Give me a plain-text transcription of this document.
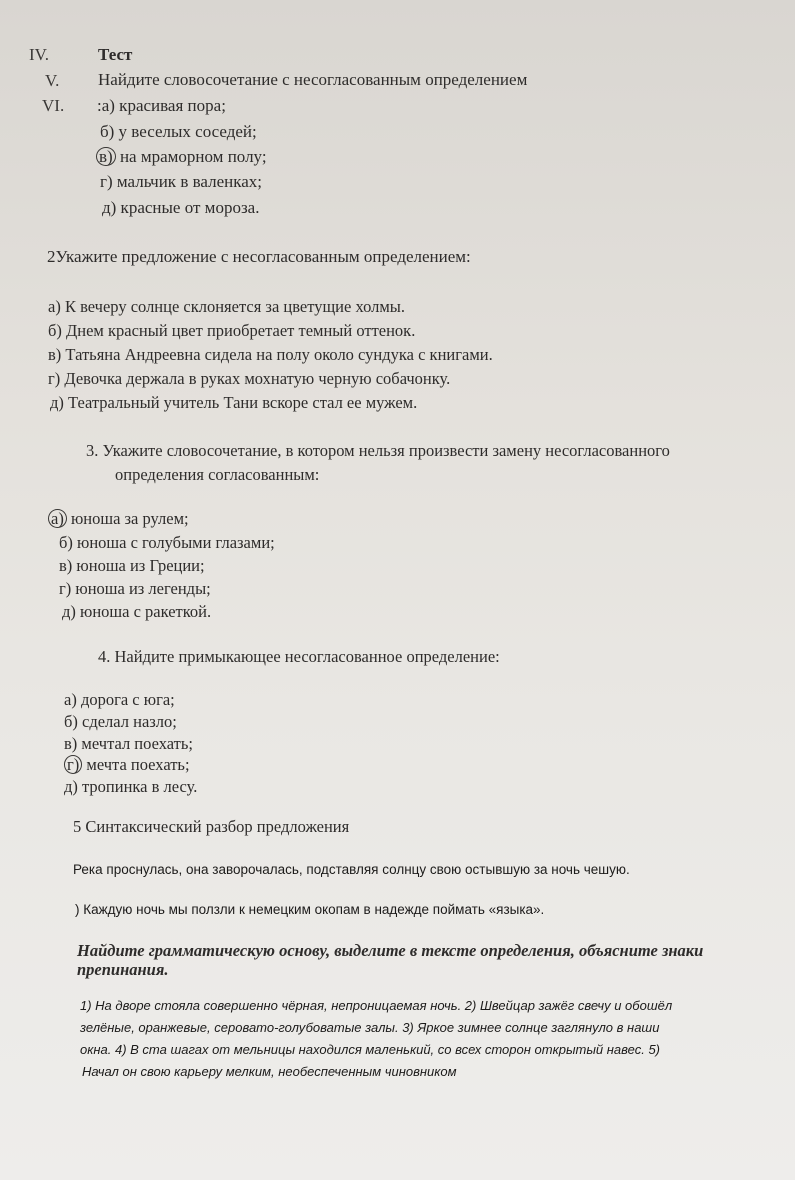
IV.
V.
VI.
Тест
Найдите словосочетание с несогласованным определением
:а) красивая пора;
б) у веселых соседей;
в) на мраморном полу;
г) мальчик в валенках;
д) красные от мороза.
2Укажите предложение с несогласованным определением:
а) К вечеру солнце склоняется за цветущие холмы.
б) Днем красный цвет приобретает темный оттенок.
в) Татьяна Андреевна сидела на полу около сундука с книгами.
г) Девочка держала в руках мохнатую черную собачонку.
д) Театральный учитель Тани вскоре стал ее мужем.
3. Укажите словосочетание, в котором нельзя произвести замену несогласованного
определения согласованным:
а) юноша за рулем;
б) юноша с голубыми глазами;
в) юноша из Греции;
г) юноша из легенды;
д) юноша с ракеткой.
4. Найдите примыкающее несогласованное определение:
а) дорога с юга;
б) сделал назло;
в) мечтал поехать;
г) мечта поехать;
д) тропинка в лесу.
5 Синтаксический разбор предложения
Река проснулась, она заворочалась, подставляя солнцу свою остывшую за ночь чешую.
) Каждую ночь мы ползли к немецким окопам в надежде поймать «языка».
Найдите грамматическую основу, выделите в тексте определения, объясните знаки
препинания.
1) На дворе стояла совершенно чёрная, непроницаемая ночь. 2) Швейцар зажёг свечу и обошёл
зелёные, оранжевые, серовато-голубоватые залы. 3) Яркое зимнее солнце заглянуло в наши
окна. 4) В ста шагах от мельницы находился маленький, со всех сторон открытый навес. 5)
Начал он свою карьеру мелким, необеспеченным чиновником
